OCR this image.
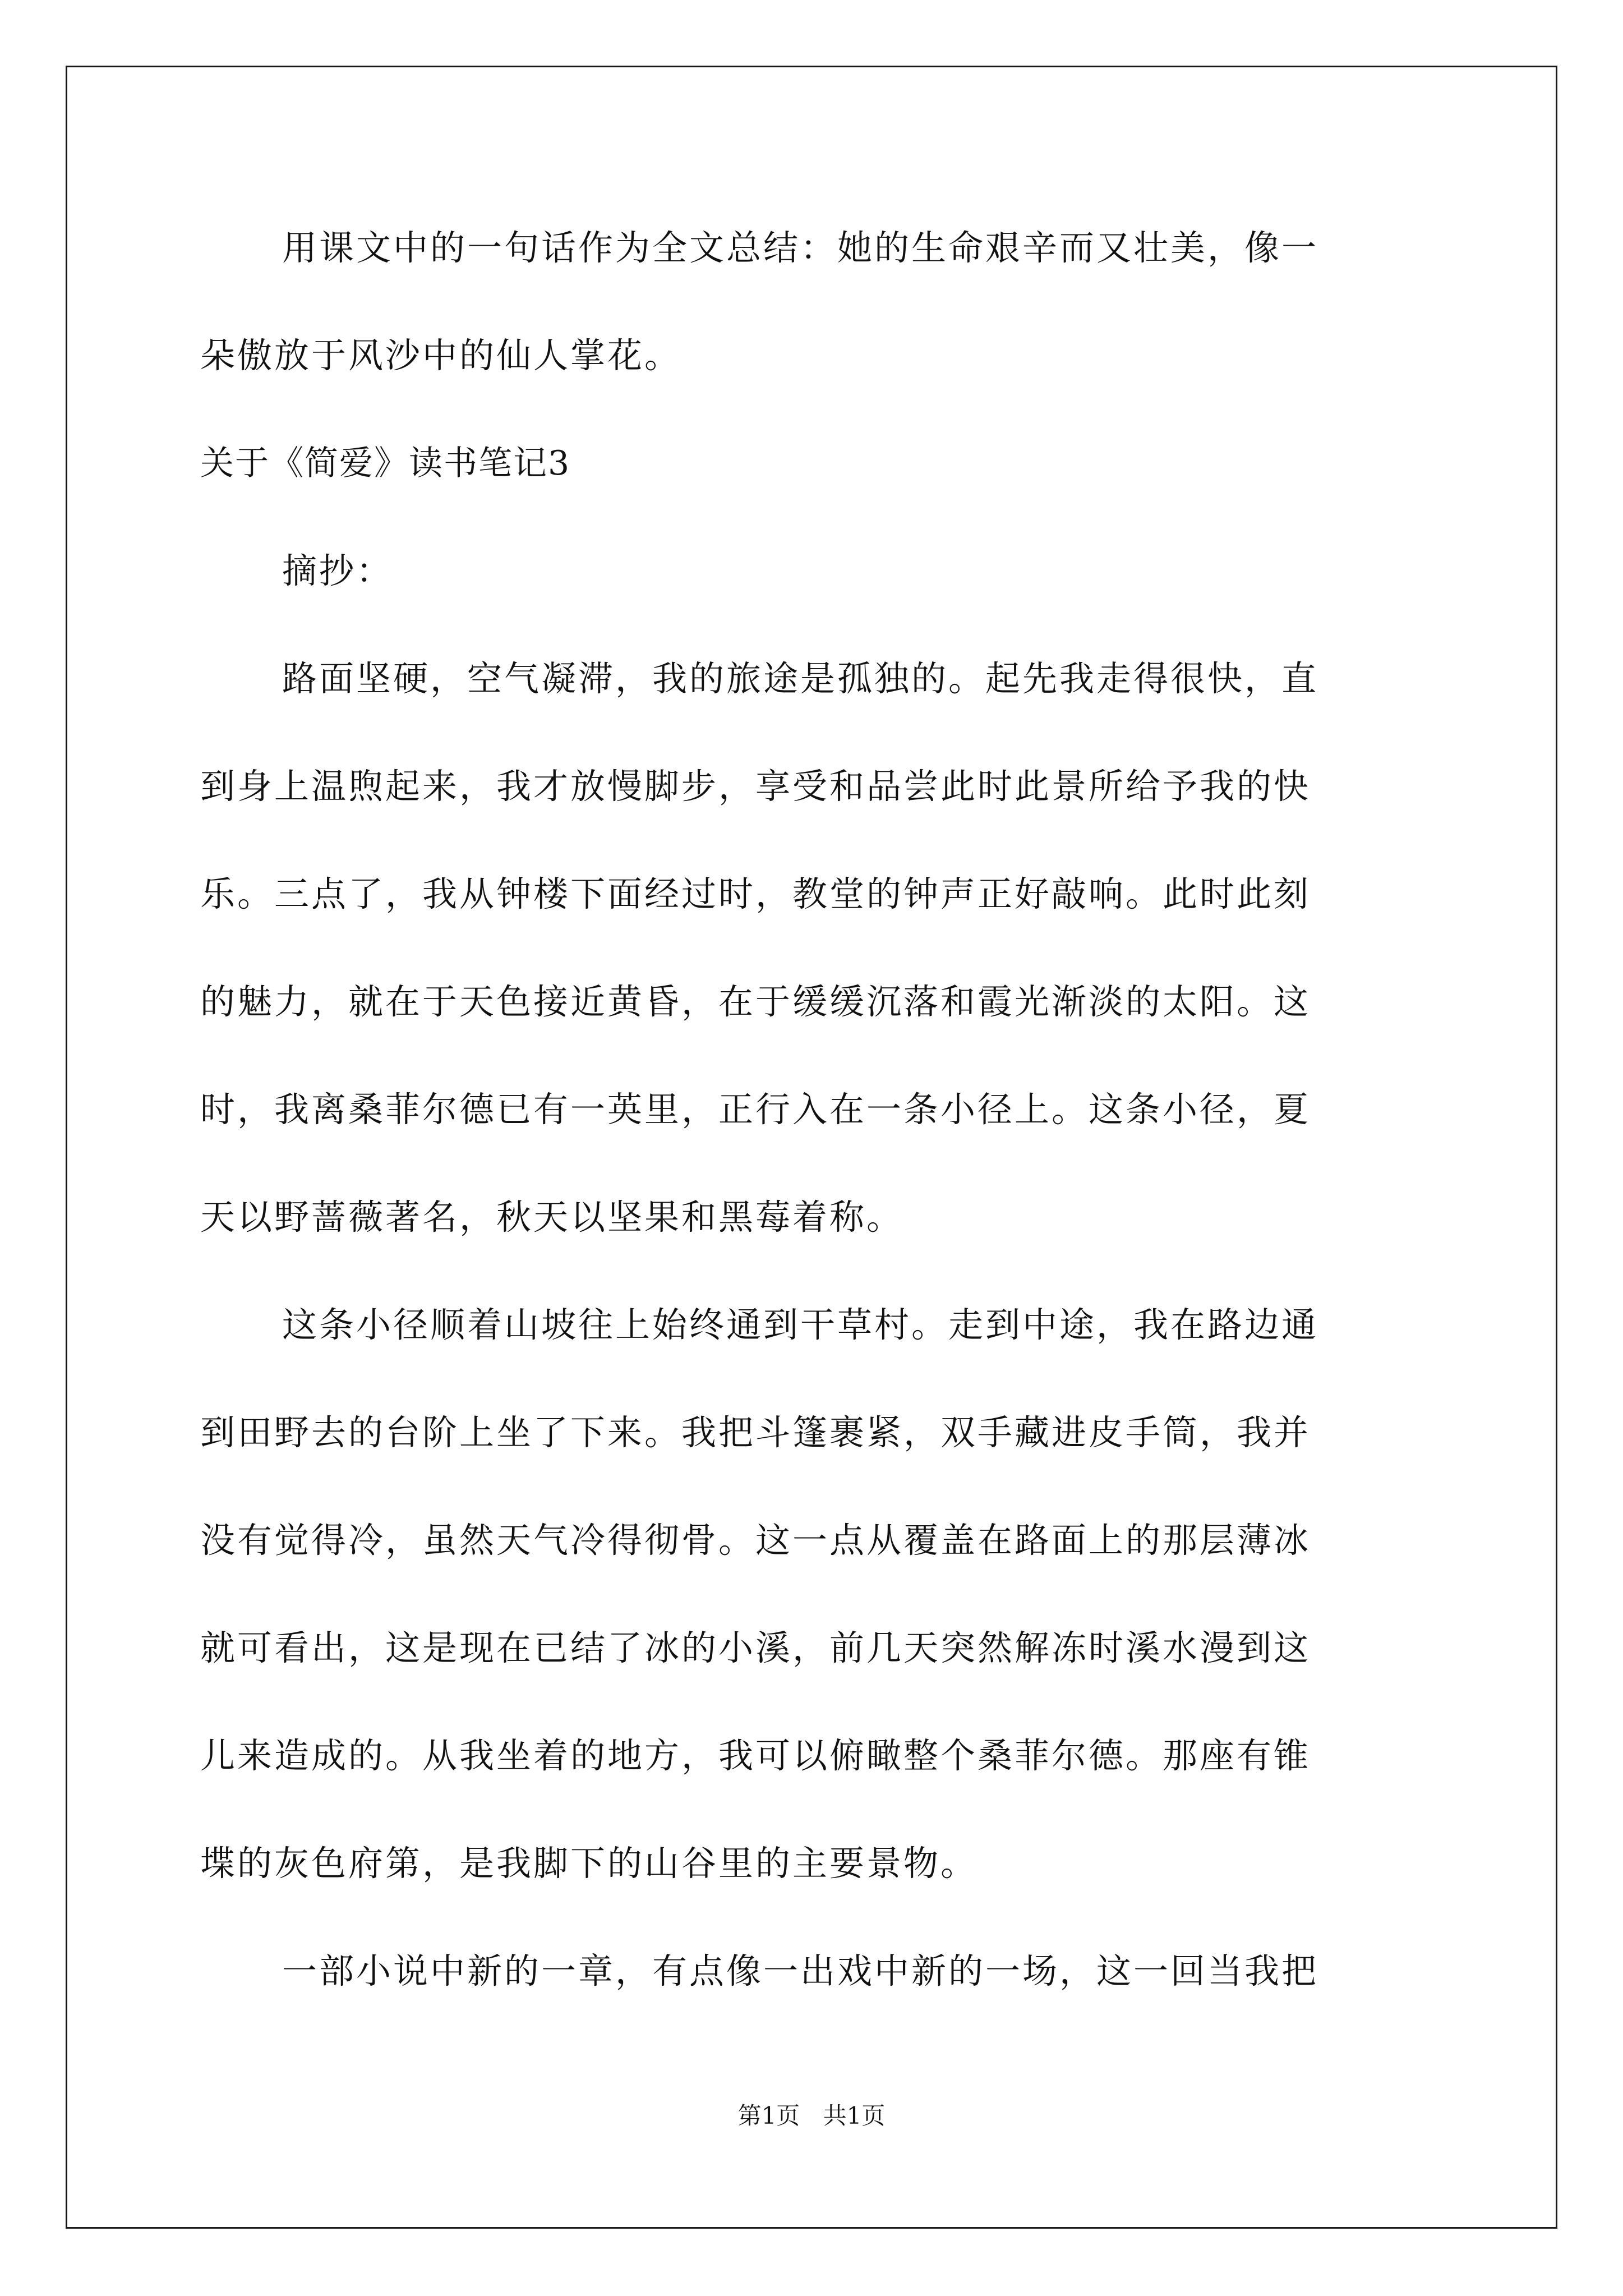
用课文中的一句话作为全文总结：她的生命艰辛而又壮美，像一
朵傲放于风沙中的仙人掌花。
关于《简爱》读书笔记3
摘抄：
路面坚硬，空气凝滞，我的旅途是孤独的。起先我走得很快，直
到身上温煦起来，我才放慢脚步，享受和品尝此时此景所给予我的快
乐。三点了，我从钟楼下面经过时，教堂的钟声正好敲响。此时此刻
的魅力，就在于天色接近黄昏，在于缓缓沉落和霞光渐淡的太阳。这
时，我离桑菲尔德已有一英里，正行入在一条小径上。这条小径，夏
天以野蔷薇著名，秋天以坚果和黑莓着称。
这条小径顺着山坡往上始终通到干草村。走到中途，我在路边通
到田野去的台阶上坐了下来。我把斗篷裹紧，双手藏进皮手筒，我并
没有觉得冷，虽然天气冷得彻骨。这一点从覆盖在路面上的那层薄冰
就可看出，这是现在已结了冰的小溪，前几天突然解冻时溪水漫到这
儿来造成的。从我坐着的地方，我可以俯瞰整个桑菲尔德。那座有锥
堞的灰色府第，是我脚下的山谷里的主要景物。
一部小说中新的一章，有点像一出戏中新的一场，这一回当我把
第1页 共1页
